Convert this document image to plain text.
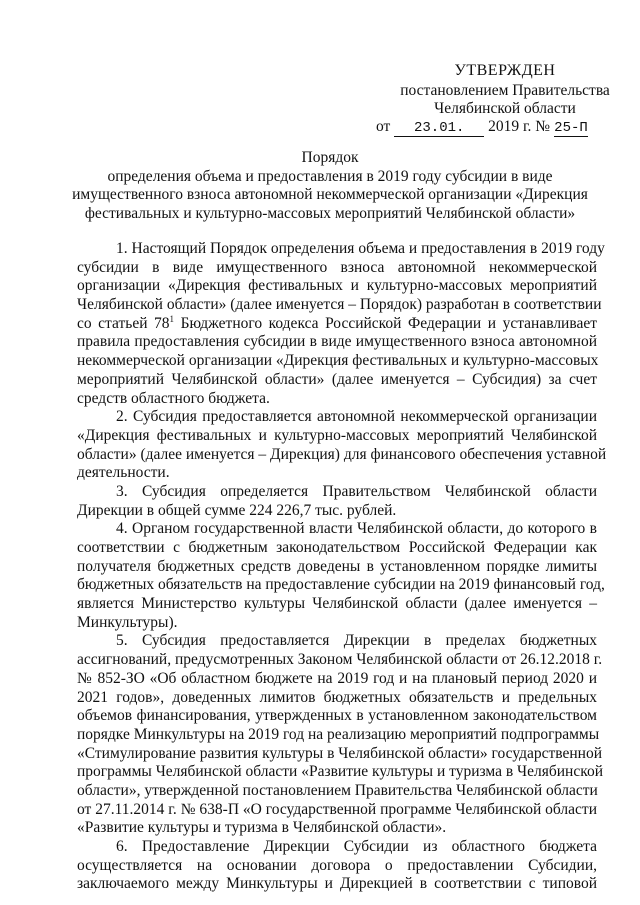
УТВЕРЖДЕН
постановлением Правительства
Челябинской области
от 23.01. 2019 г. № 25-П
Порядок
определения объема и предоставления в 2019 году субсидии в виде
имущественного взноса автономной некоммерческой организации «Дирекция
фестивальных и культурно-массовых мероприятий Челябинской области»
1. Настоящий Порядок определения объема и предоставления в 2019 году
субсидии в виде имущественного взноса автономной некоммерческой
организации «Дирекция фестивальных и культурно-массовых мероприятий
Челябинской области» (далее именуется – Порядок) разработан в соответствии
со статьей $78^1$ Бюджетного кодекса Российской Федерации и устанавливает
правила предоставления субсидии в виде имущественного взноса автономной
некоммерческой организации «Дирекция фестивальных и культурно-массовых
мероприятий Челябинской области» (далее именуется – Субсидия) за счет
средств областного бюджета.
2. Субсидия предоставляется автономной некоммерческой организации
«Дирекция фестивальных и культурно-массовых мероприятий Челябинской
области» (далее именуется – Дирекция) для финансового обеспечения уставной
деятельности.
3. Субсидия определяется Правительством Челябинской области
Дирекции в общей сумме 224 226,7 тыс. рублей.
4. Органом государственной власти Челябинской области, до которого в
соответствии с бюджетным законодательством Российской Федерации как
получателя бюджетных средств доведены в установленном порядке лимиты
бюджетных обязательств на предоставление субсидии на 2019 финансовый год,
является Министерство культуры Челябинской области (далее именуется –
Минкультуры).
5. Субсидия предоставляется Дирекции в пределах бюджетных
ассигнований, предусмотренных Законом Челябинской области от 26.12.2018 г.
№ 852-ЗО «Об областном бюджете на 2019 год и на плановый период 2020 и
2021 годов», доведенных лимитов бюджетных обязательств и предельных
объемов финансирования, утвержденных в установленном законодательством
порядке Минкультуры на 2019 год на реализацию мероприятий подпрограммы
«Стимулирование развития культуры в Челябинской области» государственной
программы Челябинской области «Развитие культуры и туризма в Челябинской
области», утвержденной постановлением Правительства Челябинской области
от 27.11.2014 г. № 638-П «О государственной программе Челябинской области
«Развитие культуры и туризма в Челябинской области».
6. Предоставление Дирекции Субсидии из областного бюджета
осуществляется на основании договора о предоставлении Субсидии,
заключаемого между Минкультуры и Дирекцией в соответствии с типовой
